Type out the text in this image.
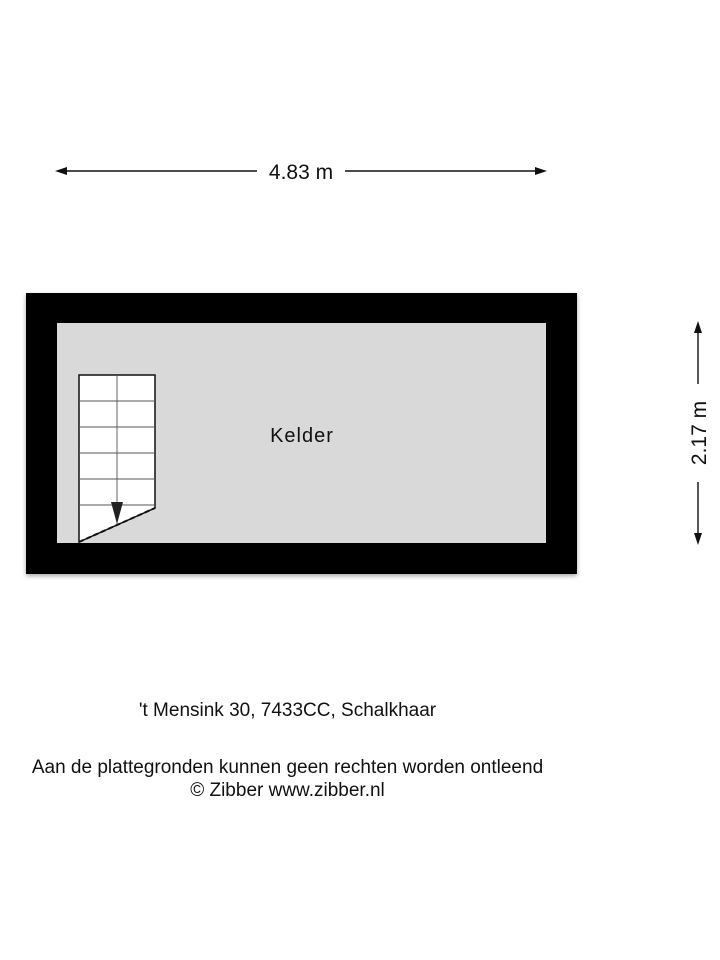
4.83 m
2.17 m
Kelder
't Mensink 30, 7433CC, Schalkhaar
Aan de plattegronden kunnen geen rechten worden ontleend
© Zibber www.zibber.nl
